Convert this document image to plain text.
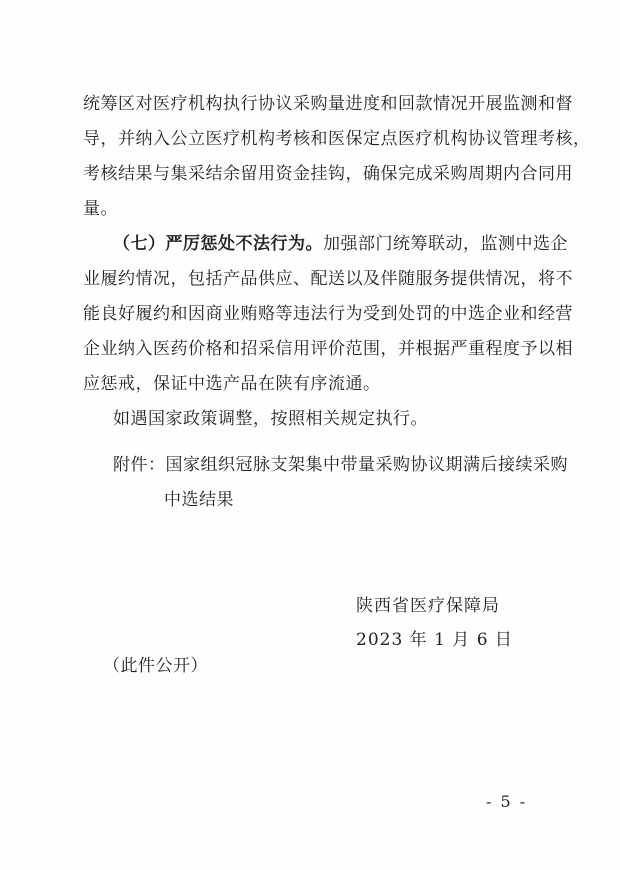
统筹区对医疗机构执行协议采购量进度和回款情况开展监测和督
导，并纳入公立医疗机构考核和医保定点医疗机构协议管理考核，
考核结果与集采结余留用资金挂钩，确保完成采购周期内合同用
量。
（七）严厉惩处不法行为。加强部门统筹联动，监测中选企
业履约情况，包括产品供应、配送以及伴随服务提供情况，将不
能良好履约和因商业贿赂等违法行为受到处罚的中选企业和经营
企业纳入医药价格和招采信用评价范围，并根据严重程度予以相
应惩戒，保证中选产品在陕有序流通。
如遇国家政策调整，按照相关规定执行。
附件：国家组织冠脉支架集中带量采购协议期满后接续采购
中选结果
陕西省医疗保障局
2023 年 1 月 6 日
（此件公开）
- 5 -
